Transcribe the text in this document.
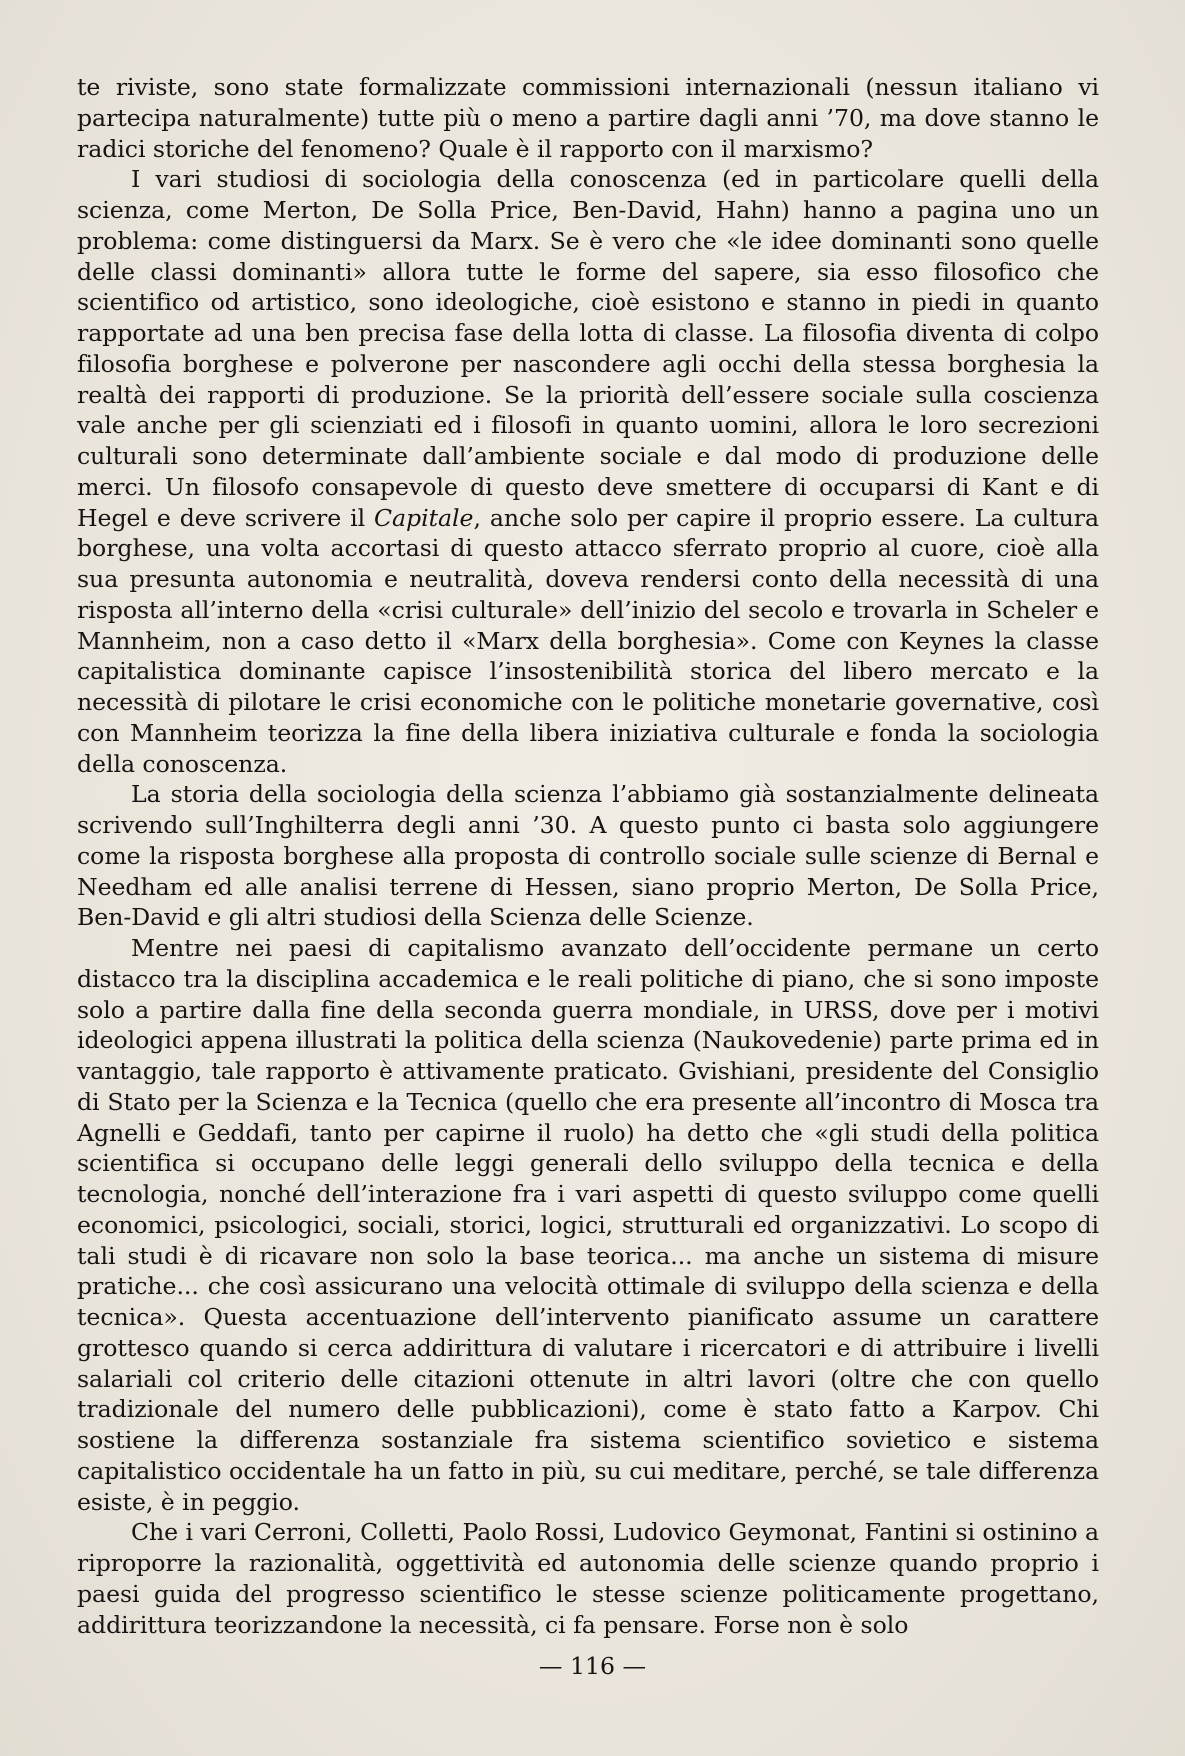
te riviste, sono state formalizzate commissioni internazionali (nessun italiano vi partecipa naturalmente) tutte più o meno a partire dagli anni ’70, ma dove stanno le radici storiche del fenomeno? Quale è il rapporto con il marxismo?

I vari studiosi di sociologia della conoscenza (ed in particolare quelli della scienza, come Merton, De Solla Price, Ben-David, Hahn) hanno a pagina uno un problema: come distinguersi da Marx. Se è vero che «le idee dominanti sono quelle delle classi dominanti» allora tutte le forme del sapere, sia esso filosofico che scientifico od artistico, sono ideologiche, cioè esistono e stanno in piedi in quanto rapportate ad una ben precisa fase della lotta di classe. La filosofia diventa di colpo filosofia borghese e polverone per nascondere agli occhi della stessa borghesia la realtà dei rapporti di produzione. Se la priorità dell’essere sociale sulla coscienza vale anche per gli scienziati ed i filosofi in quanto uomini, allora le loro secrezioni culturali sono determinate dall’ambiente sociale e dal modo di produzione delle merci. Un filosofo consapevole di questo deve smettere di occuparsi di Kant e di Hegel e deve scrivere il Capitale, anche solo per capire il proprio essere. La cultura borghese, una volta accortasi di questo attacco sferrato proprio al cuore, cioè alla sua presunta autonomia e neutralità, doveva rendersi conto della necessità di una risposta all’interno della «crisi culturale» dell’inizio del secolo e trovarla in Scheler e Mannheim, non a caso detto il «Marx della borghesia». Come con Keynes la classe capitalistica dominante capisce l’insostenibilità storica del libero mercato e la necessità di pilotare le crisi economiche con le politiche monetarie governative, così con Mannheim teorizza la fine della libera iniziativa culturale e fonda la sociologia della conoscenza.

La storia della sociologia della scienza l’abbiamo già sostanzialmente delineata scrivendo sull’Inghilterra degli anni ’30. A questo punto ci basta solo aggiungere come la risposta borghese alla proposta di controllo sociale sulle scienze di Bernal e Needham ed alle analisi terrene di Hessen, siano proprio Merton, De Solla Price, Ben-David e gli altri studiosi della Scienza delle Scienze.

Mentre nei paesi di capitalismo avanzato dell’occidente permane un certo distacco tra la disciplina accademica e le reali politiche di piano, che si sono imposte solo a partire dalla fine della seconda guerra mondiale, in URSS, dove per i motivi ideologici appena illustrati la politica della scienza (Naukovedenie) parte prima ed in vantaggio, tale rapporto è attivamente praticato. Gvishiani, presidente del Consiglio di Stato per la Scienza e la Tecnica (quello che era presente all’incontro di Mosca tra Agnelli e Geddafi, tanto per capirne il ruolo) ha detto che «gli studi della politica scientifica si occupano delle leggi generali dello sviluppo della tecnica e della tecnologia, nonché dell’interazione fra i vari aspetti di questo sviluppo come quelli economici, psicologici, sociali, storici, logici, strutturali ed organizzativi. Lo scopo di tali studi è di ricavare non solo la base teorica... ma anche un sistema di misure pratiche... che così assicurano una velocità ottimale di sviluppo della scienza e della tecnica». Questa accentuazione dell’intervento pianificato assume un carattere grottesco quando si cerca addirittura di valutare i ricercatori e di attribuire i livelli salariali col criterio delle citazioni ottenute in altri lavori (oltre che con quello tradizionale del numero delle pubblicazioni), come è stato fatto a Karpov. Chi sostiene la differenza sostanziale fra sistema scientifico sovietico e sistema capitalistico occidentale ha un fatto in più, su cui meditare, perché, se tale differenza esiste, è in peggio.

Che i vari Cerroni, Colletti, Paolo Rossi, Ludovico Geymonat, Fantini si ostinino a riproporre la razionalità, oggettività ed autonomia delle scienze quando proprio i paesi guida del progresso scientifico le stesse scienze politicamente progettano, addirittura teorizzandone la necessità, ci fa pensare. Forse non è solo

— 116 —
